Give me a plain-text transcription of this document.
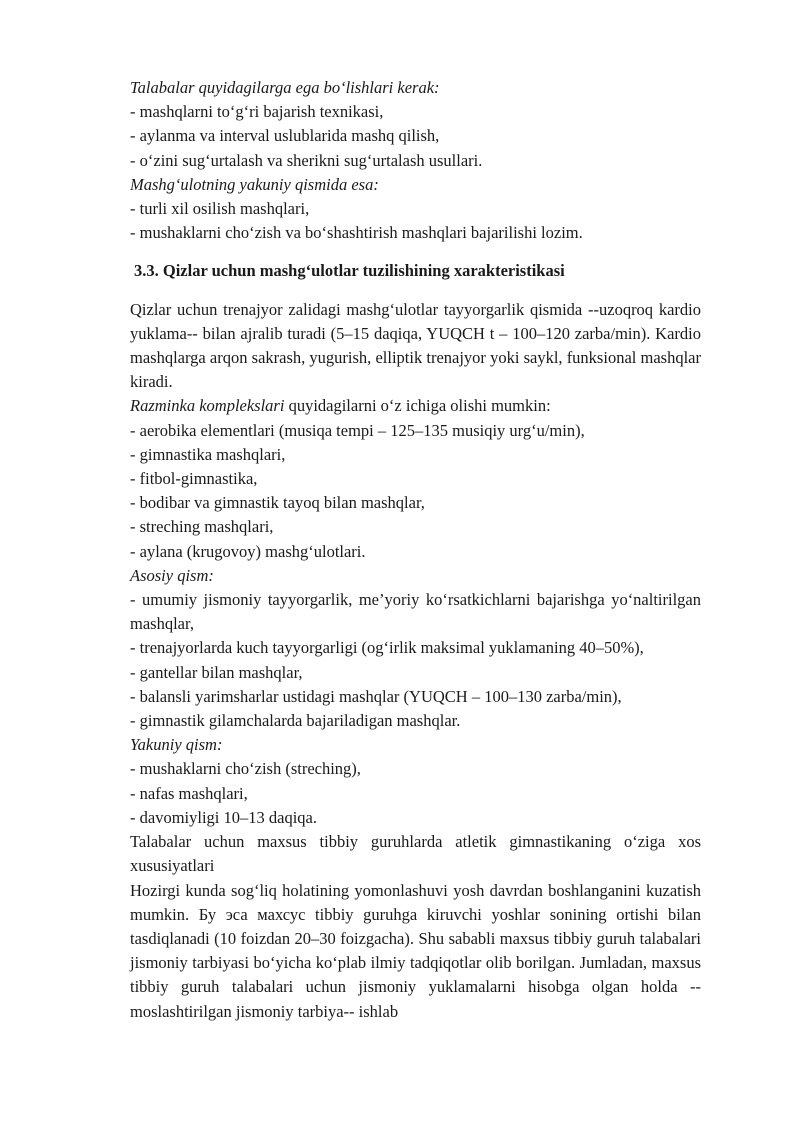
Talabalar quyidagilarga ega bo‘lishlari kerak:
- mashqlarni to‘g‘ri bajarish texnikasi,
- aylanma va interval uslublarida mashq qilish,
- o‘zini sug‘urtalash va sherikni sug‘urtalash usullari.
Mashg‘ulotning yakuniy qismida esa:
- turli xil osilish mashqlari,
- mushaklarni cho‘zish va bo‘shashtirish mashqlari bajarilishi lozim.
3.3. Qizlar uchun mashg‘ulotlar tuzilishining xarakteristikasi
Qizlar uchun trenajyor zalidagi mashg‘ulotlar tayyorgarlik qismida --uzoqroq kardio yuklama-- bilan ajralib turadi (5–15 daqiqa, YUQCH t – 100–120 zarba/min). Kardio mashqlarga arqon sakrash, yugurish, elliptik trenajyor yoki saykl, funksional mashqlar kiradi.
Razminka komplekslari quyidagilarni o‘z ichiga olishi mumkin:
- aerobika elementlari (musiqa tempi – 125–135 musiqiy urg‘u/min),
- gimnastika mashqlari,
- fitbol-gimnastika,
- bodibar va gimnastik tayoq bilan mashqlar,
- streching mashqlari,
- aylana (krugovoy) mashg‘ulotlari.
Asosiy qism:
- umumiy jismoniy tayyorgarlik, me’yoriy ko‘rsatkichlarni bajarishga yo‘naltirilgan mashqlar,
- trenajyorlarda kuch tayyorgarligi (og‘irlik maksimal yuklamaning 40–50%),
- gantellar bilan mashqlar,
- balansli yarimsharlar ustidagi mashqlar (YUQCH – 100–130 zarba/min),
- gimnastik gilamchalarda bajariladigan mashqlar.
Yakuniy qism:
- mushaklarni cho‘zish (streching),
- nafas mashqlari,
- davomiyligi 10–13 daqiqa.
Talabalar uchun maxsus tibbiy guruhlarda atletik gimnastikaning o‘ziga xos xususiyatlari
Hozirgi kunda sog‘liq holatining yomonlashuvi yosh davrdan boshlanganini kuzatish mumkin. Бу эса махсус tibbiy guruhga kiruvchi yoshlar sonining ortishi bilan tasdiqlanadi (10 foizdan 20–30 foizgacha). Shu sababli maxsus tibbiy guruh talabalari jismoniy tarbiyasi bo‘yicha ko‘plab ilmiy tadqiqotlar olib borilgan. Jumladan, maxsus tibbiy guruh talabalari uchun jismoniy yuklamalarni hisobga olgan holda --moslashtirilgan jismoniy tarbiya-- ishlab
